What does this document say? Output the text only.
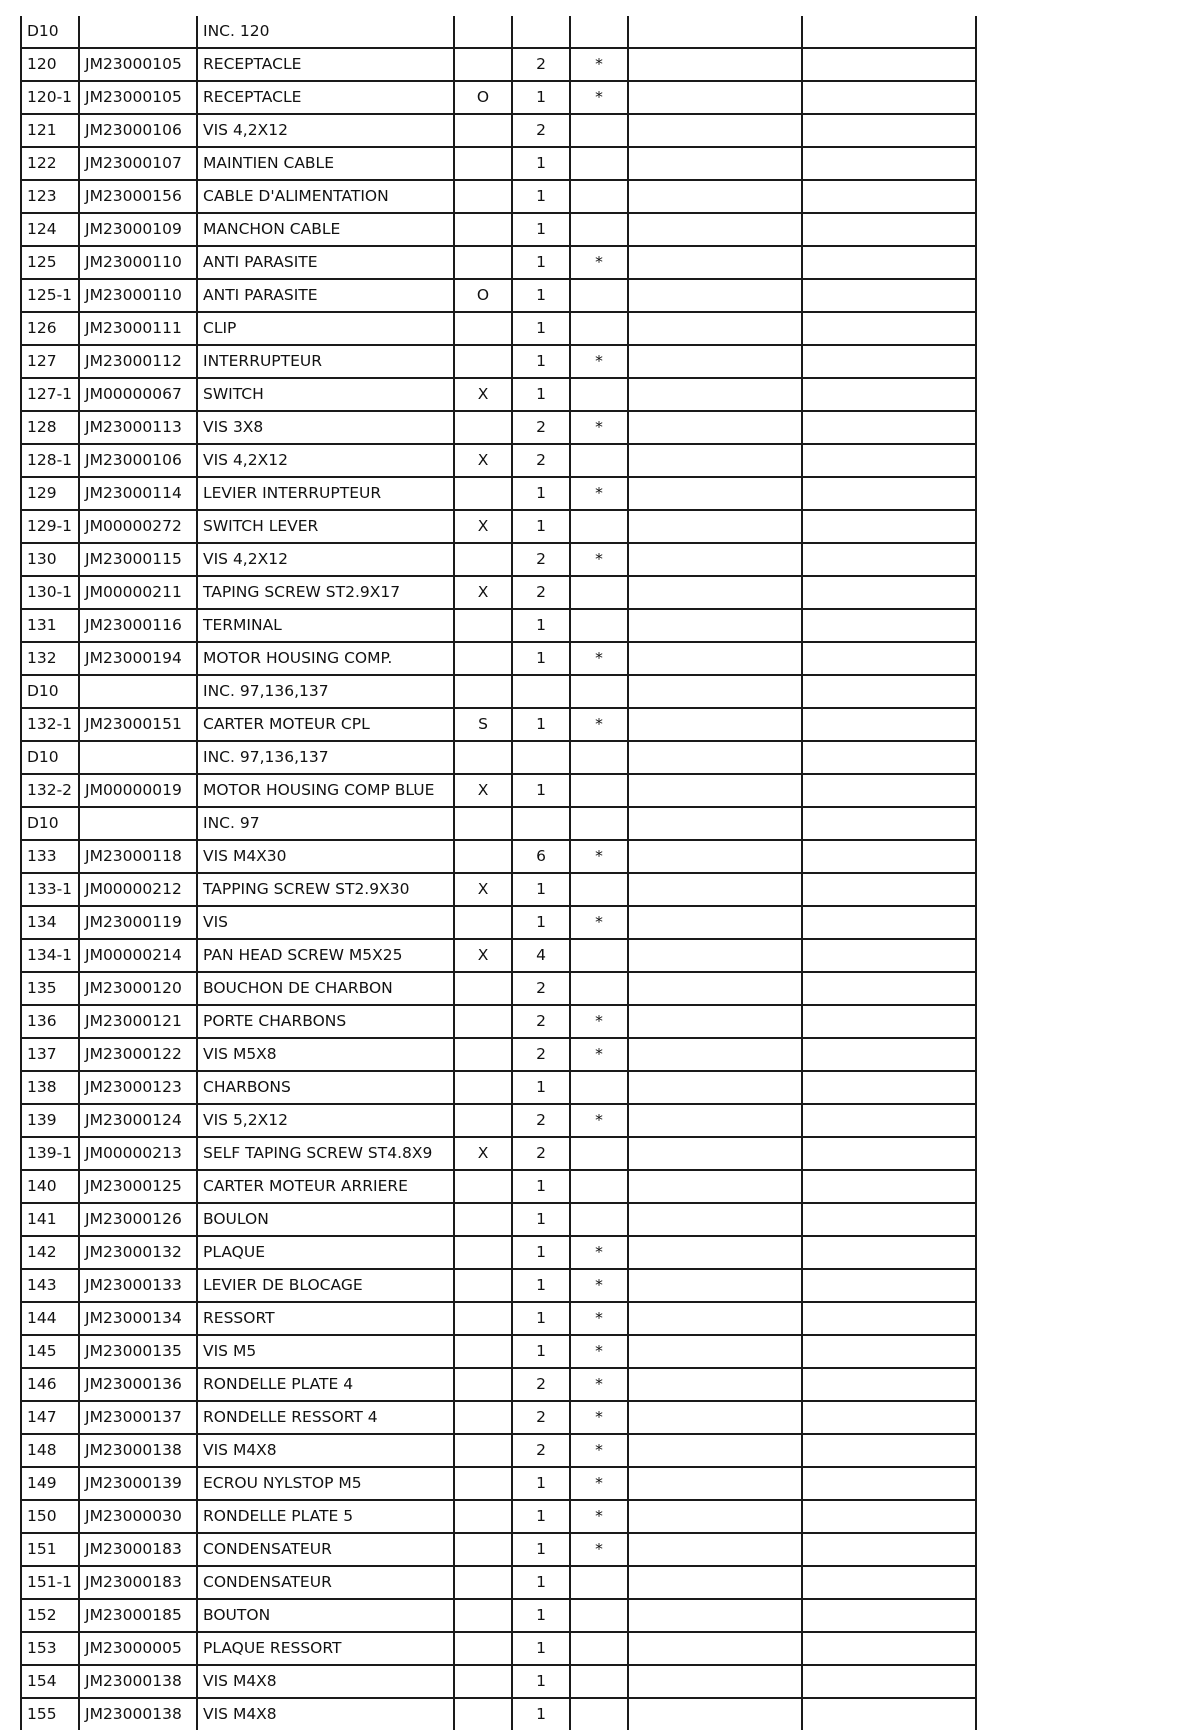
D10		INC. 120					
120	JM23000105	RECEPTACLE		2	*		
120-1	JM23000105	RECEPTACLE	O	1	*		
121	JM23000106	VIS 4,2X12		2			
122	JM23000107	MAINTIEN CABLE		1			
123	JM23000156	CABLE D'ALIMENTATION		1			
124	JM23000109	MANCHON CABLE		1			
125	JM23000110	ANTI PARASITE		1	*		
125-1	JM23000110	ANTI PARASITE	O	1			
126	JM23000111	CLIP		1			
127	JM23000112	INTERRUPTEUR		1	*		
127-1	JM00000067	SWITCH	X	1			
128	JM23000113	VIS 3X8		2	*		
128-1	JM23000106	VIS 4,2X12	X	2			
129	JM23000114	LEVIER INTERRUPTEUR		1	*		
129-1	JM00000272	SWITCH LEVER	X	1			
130	JM23000115	VIS 4,2X12		2	*		
130-1	JM00000211	TAPING SCREW ST2.9X17	X	2			
131	JM23000116	TERMINAL		1			
132	JM23000194	MOTOR HOUSING COMP.		1	*		
D10		INC. 97,136,137					
132-1	JM23000151	CARTER MOTEUR CPL	S	1	*		
D10		INC. 97,136,137					
132-2	JM00000019	MOTOR HOUSING COMP BLUE	X	1			
D10		INC. 97					
133	JM23000118	VIS M4X30		6	*		
133-1	JM00000212	TAPPING SCREW ST2.9X30	X	1			
134	JM23000119	VIS		1	*		
134-1	JM00000214	PAN HEAD SCREW M5X25	X	4			
135	JM23000120	BOUCHON DE CHARBON		2			
136	JM23000121	PORTE CHARBONS		2	*		
137	JM23000122	VIS M5X8		2	*		
138	JM23000123	CHARBONS		1			
139	JM23000124	VIS 5,2X12		2	*		
139-1	JM00000213	SELF TAPING SCREW ST4.8X9	X	2			
140	JM23000125	CARTER MOTEUR ARRIERE		1			
141	JM23000126	BOULON		1			
142	JM23000132	PLAQUE		1	*		
143	JM23000133	LEVIER DE BLOCAGE		1	*		
144	JM23000134	RESSORT		1	*		
145	JM23000135	VIS M5		1	*		
146	JM23000136	RONDELLE PLATE 4		2	*		
147	JM23000137	RONDELLE RESSORT 4		2	*		
148	JM23000138	VIS M4X8		2	*		
149	JM23000139	ECROU NYLSTOP M5		1	*		
150	JM23000030	RONDELLE PLATE 5		1	*		
151	JM23000183	CONDENSATEUR		1	*		
151-1	JM23000183	CONDENSATEUR		1			
152	JM23000185	BOUTON		1			
153	JM23000005	PLAQUE RESSORT		1			
154	JM23000138	VIS M4X8		1			
155	JM23000138	VIS M4X8		1			
